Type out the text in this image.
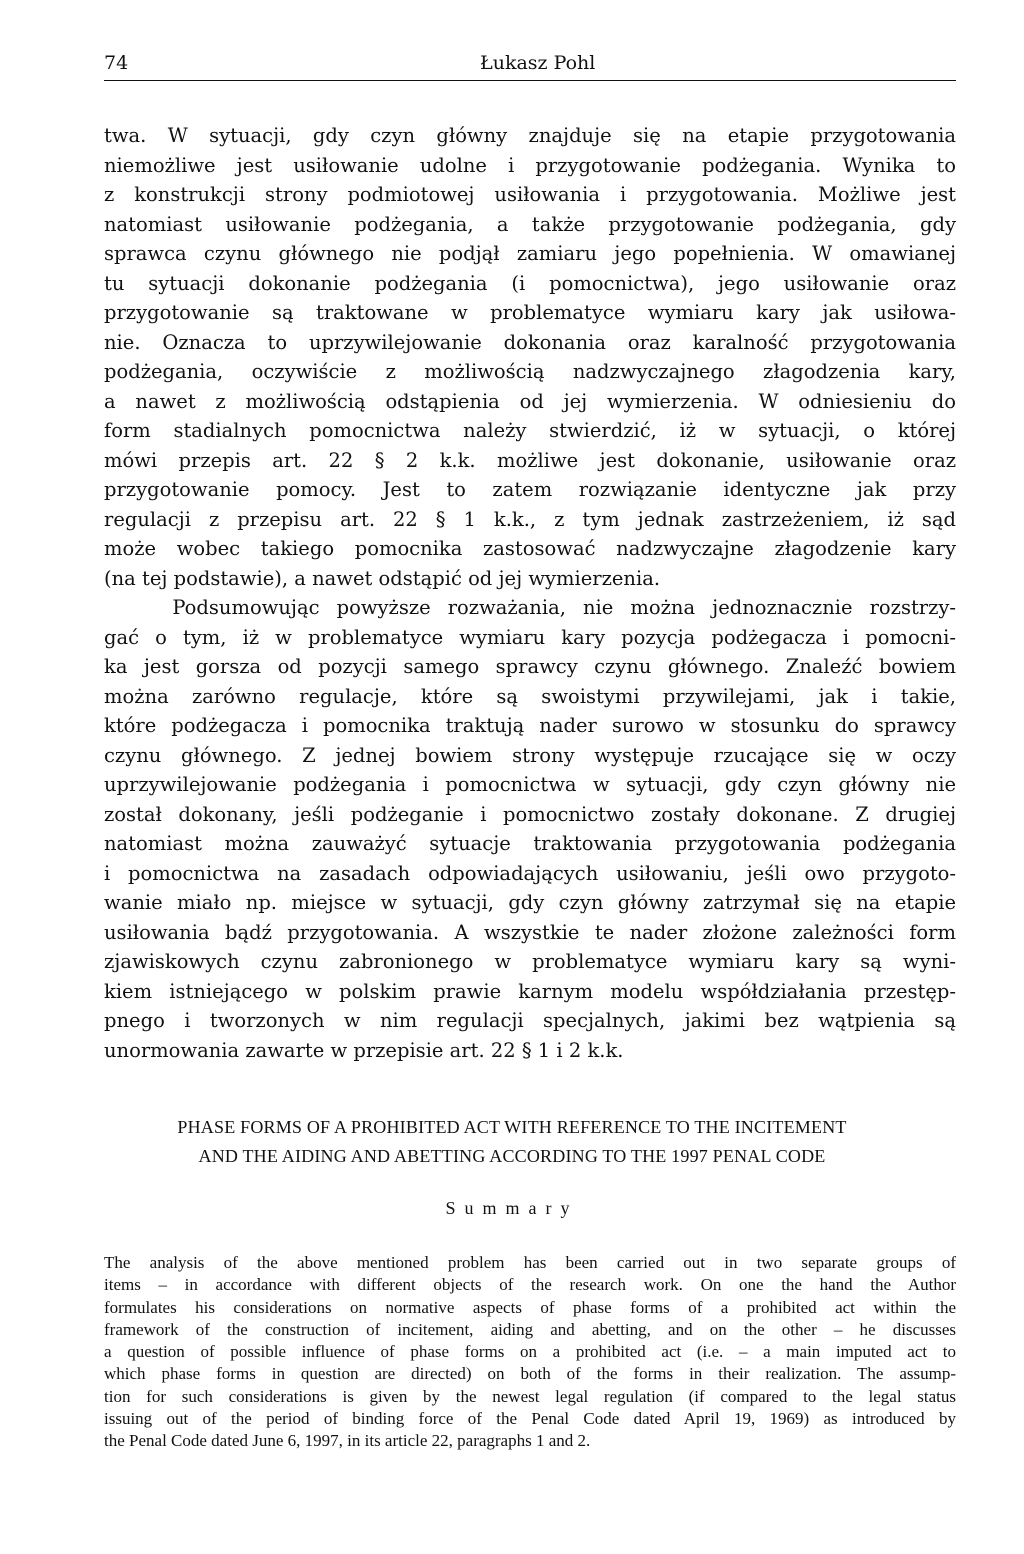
74	Łukasz Pohl
twa. W sytuacji, gdy czyn główny znajduje się na etapie przygotowania
niemożliwe jest usiłowanie udolne i przygotowanie podżegania. Wynika to
z konstrukcji strony podmiotowej usiłowania i przygotowania. Możliwe jest
natomiast usiłowanie podżegania, a także przygotowanie podżegania, gdy
sprawca czynu głównego nie podjął zamiaru jego popełnienia. W omawianej
tu sytuacji dokonanie podżegania (i pomocnictwa), jego usiłowanie oraz
przygotowanie są traktowane w problematyce wymiaru kary jak usiłowa-
nie. Oznacza to uprzywilejowanie dokonania oraz karalność przygotowania
podżegania, oczywiście z możliwością nadzwyczajnego złagodzenia kary,
a nawet z możliwością odstąpienia od jej wymierzenia. W odniesieniu do
form stadialnych pomocnictwa należy stwierdzić, iż w sytuacji, o której
mówi przepis art. 22 § 2 k.k. możliwe jest dokonanie, usiłowanie oraz
przygotowanie pomocy. Jest to zatem rozwiązanie identyczne jak przy
regulacji z przepisu art. 22 § 1 k.k., z tym jednak zastrzeżeniem, iż sąd
może wobec takiego pomocnika zastosować nadzwyczajne złagodzenie kary
(na tej podstawie), a nawet odstąpić od jej wymierzenia.
Podsumowując powyższe rozważania, nie można jednoznacznie rozstrzy-
gać o tym, iż w problematyce wymiaru kary pozycja podżegacza i pomocni-
ka jest gorsza od pozycji samego sprawcy czynu głównego. Znaleźć bowiem
można zarówno regulacje, które są swoistymi przywilejami, jak i takie,
które podżegacza i pomocnika traktują nader surowo w stosunku do sprawcy
czynu głównego. Z jednej bowiem strony występuje rzucające się w oczy
uprzywilejowanie podżegania i pomocnictwa w sytuacji, gdy czyn główny nie
został dokonany, jeśli podżeganie i pomocnictwo zostały dokonane. Z drugiej
natomiast można zauważyć sytuacje traktowania przygotowania podżegania
i pomocnictwa na zasadach odpowiadających usiłowaniu, jeśli owo przygoto-
wanie miało np. miejsce w sytuacji, gdy czyn główny zatrzymał się na etapie
usiłowania bądź przygotowania. A wszystkie te nader złożone zależności form
zjawiskowych czynu zabronionego w problematyce wymiaru kary są wyni-
kiem istniejącego w polskim prawie karnym modelu współdziałania przestęp-
pnego i tworzonych w nim regulacji specjalnych, jakimi bez wątpienia są
unormowania zawarte w przepisie art. 22 § 1 i 2 k.k.
PHASE FORMS OF A PROHIBITED ACT WITH REFERENCE TO THE INCITEMENT
AND THE AIDING AND ABETTING ACCORDING TO THE 1997 PENAL CODE
Summary
The analysis of the above mentioned problem has been carried out in two separate groups of
items – in accordance with different objects of the research work. On one the hand the Author
formulates his considerations on normative aspects of phase forms of a prohibited act within the
framework of the construction of incitement, aiding and abetting, and on the other – he discusses
a question of possible influence of phase forms on a prohibited act (i.e. – a main imputed act to
which phase forms in question are directed) on both of the forms in their realization. The assump-
tion for such considerations is given by the newest legal regulation (if compared to the legal status
issuing out of the period of binding force of the Penal Code dated April 19, 1969) as introduced by
the Penal Code dated June 6, 1997, in its article 22, paragraphs 1 and 2.
